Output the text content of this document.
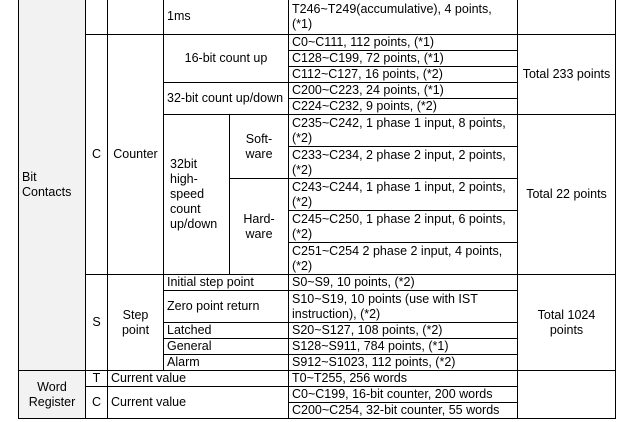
Bit Contacts			1ms		T246~T249(accumulative), 4 points, (*1)	
	C	Counter	16-bit count up		C0~C111, 112 points, (*1)	Total 233 points
					C128~C199, 72 points, (*1)	
					C112~C127, 16 points, (*2)	
			32-bit count up/down		C200~C223, 24 points, (*1)	
					C224~C232, 9 points, (*2)	
			32bit high-speed count up/down	Soft-ware	C235~C242, 1 phase 1 input, 8 points, (*2)	Total 22 points
					C233~C234, 2 phase 2 input, 2 points, (*2)	
				Hard-ware	C243~C244, 1 phase 1 input, 2 points, (*2)	
					C245~C250, 1 phase 2 input, 6 points, (*2)	
					C251~C254 2 phase 2 input, 4 points, (*2)	
	S	Step point	Initial step point		S0~S9, 10 points, (*2)	Total 1024 points
			Zero point return		S10~S19, 10 points (use with IST instruction), (*2)	
			Latched		S20~S127, 108 points, (*2)	
			General		S128~S911, 784 points, (*1)	
			Alarm		S912~S1023, 112 points, (*2)	
Word Register	T	Current value			T0~T255, 256 words	
	C	Current value			C0~C199, 16-bit counter, 200 words	
					C200~C254, 32-bit counter, 55 words	
